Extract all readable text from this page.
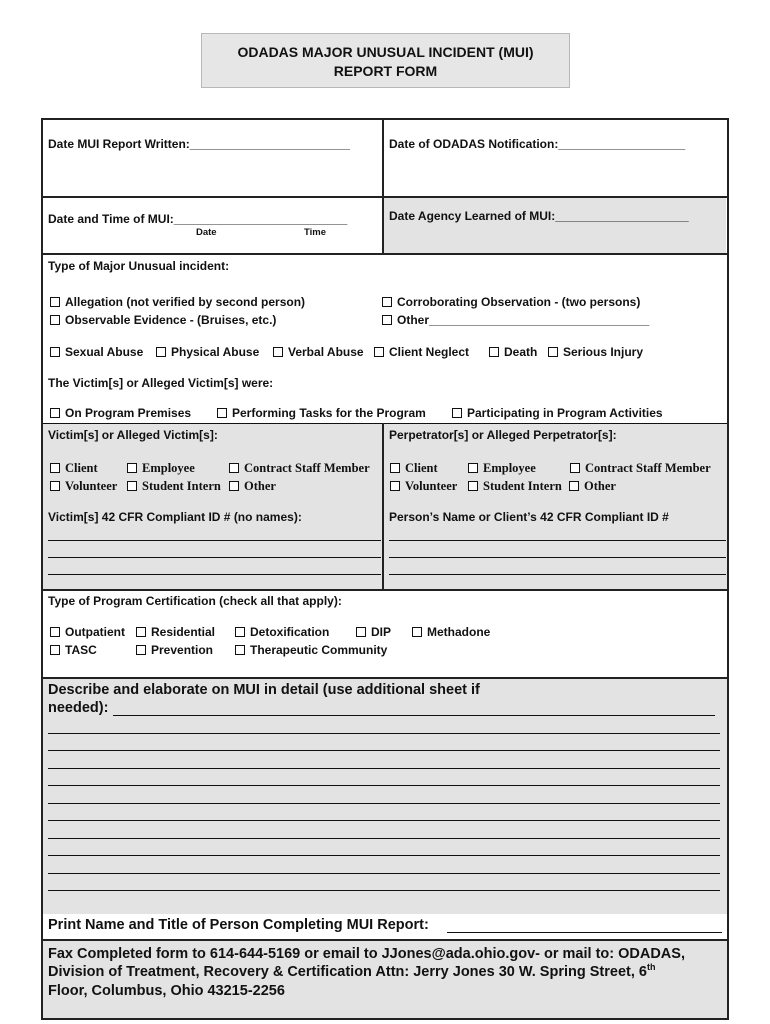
ODADAS MAJOR UNUSUAL INCIDENT (MUI)
REPORT FORM
Date MUI Report Written:________________________	Date of ODADAS Notification:___________________
Date and Time of MUI:__________________________
Date	Time
Date Agency Learned of MUI:____________________
Type of Major Unusual incident:
Allegation (not verified by second person)	Corroborating Observation - (two persons)
Observable Evidence - (Bruises, etc.)	Other_________________________________
Sexual Abuse	Physical Abuse	Verbal Abuse	Client Neglect	Death	Serious Injury
The Victim[s] or Alleged Victim[s] were:
On Program Premises	Performing Tasks for the Program	Participating in Program Activities
Victim[s] or Alleged Victim[s]:
Client	Employee	Contract Staff Member
Volunteer	Student Intern	Other
Victim[s] 42 CFR Compliant ID # (no names):
Perpetrator[s] or Alleged Perpetrator[s]:
Client	Employee	Contract Staff Member
Volunteer	Student Intern	Other
Person’s Name or Client’s 42 CFR Compliant ID #
Type of Program Certification (check all that apply):
Outpatient	Residential	Detoxification	DIP	Methadone
TASC	Prevention	Therapeutic Community
Describe and elaborate on MUI in detail (use additional sheet if
needed):
Print Name and Title of Person Completing MUI Report:
Fax Completed form to 614-644-5169 or email to JJones@ada.ohio.gov- or mail to: ODADAS,
Division of Treatment, Recovery & Certification Attn: Jerry Jones 30 W. Spring Street, 6th
Floor, Columbus, Ohio 43215-2256
